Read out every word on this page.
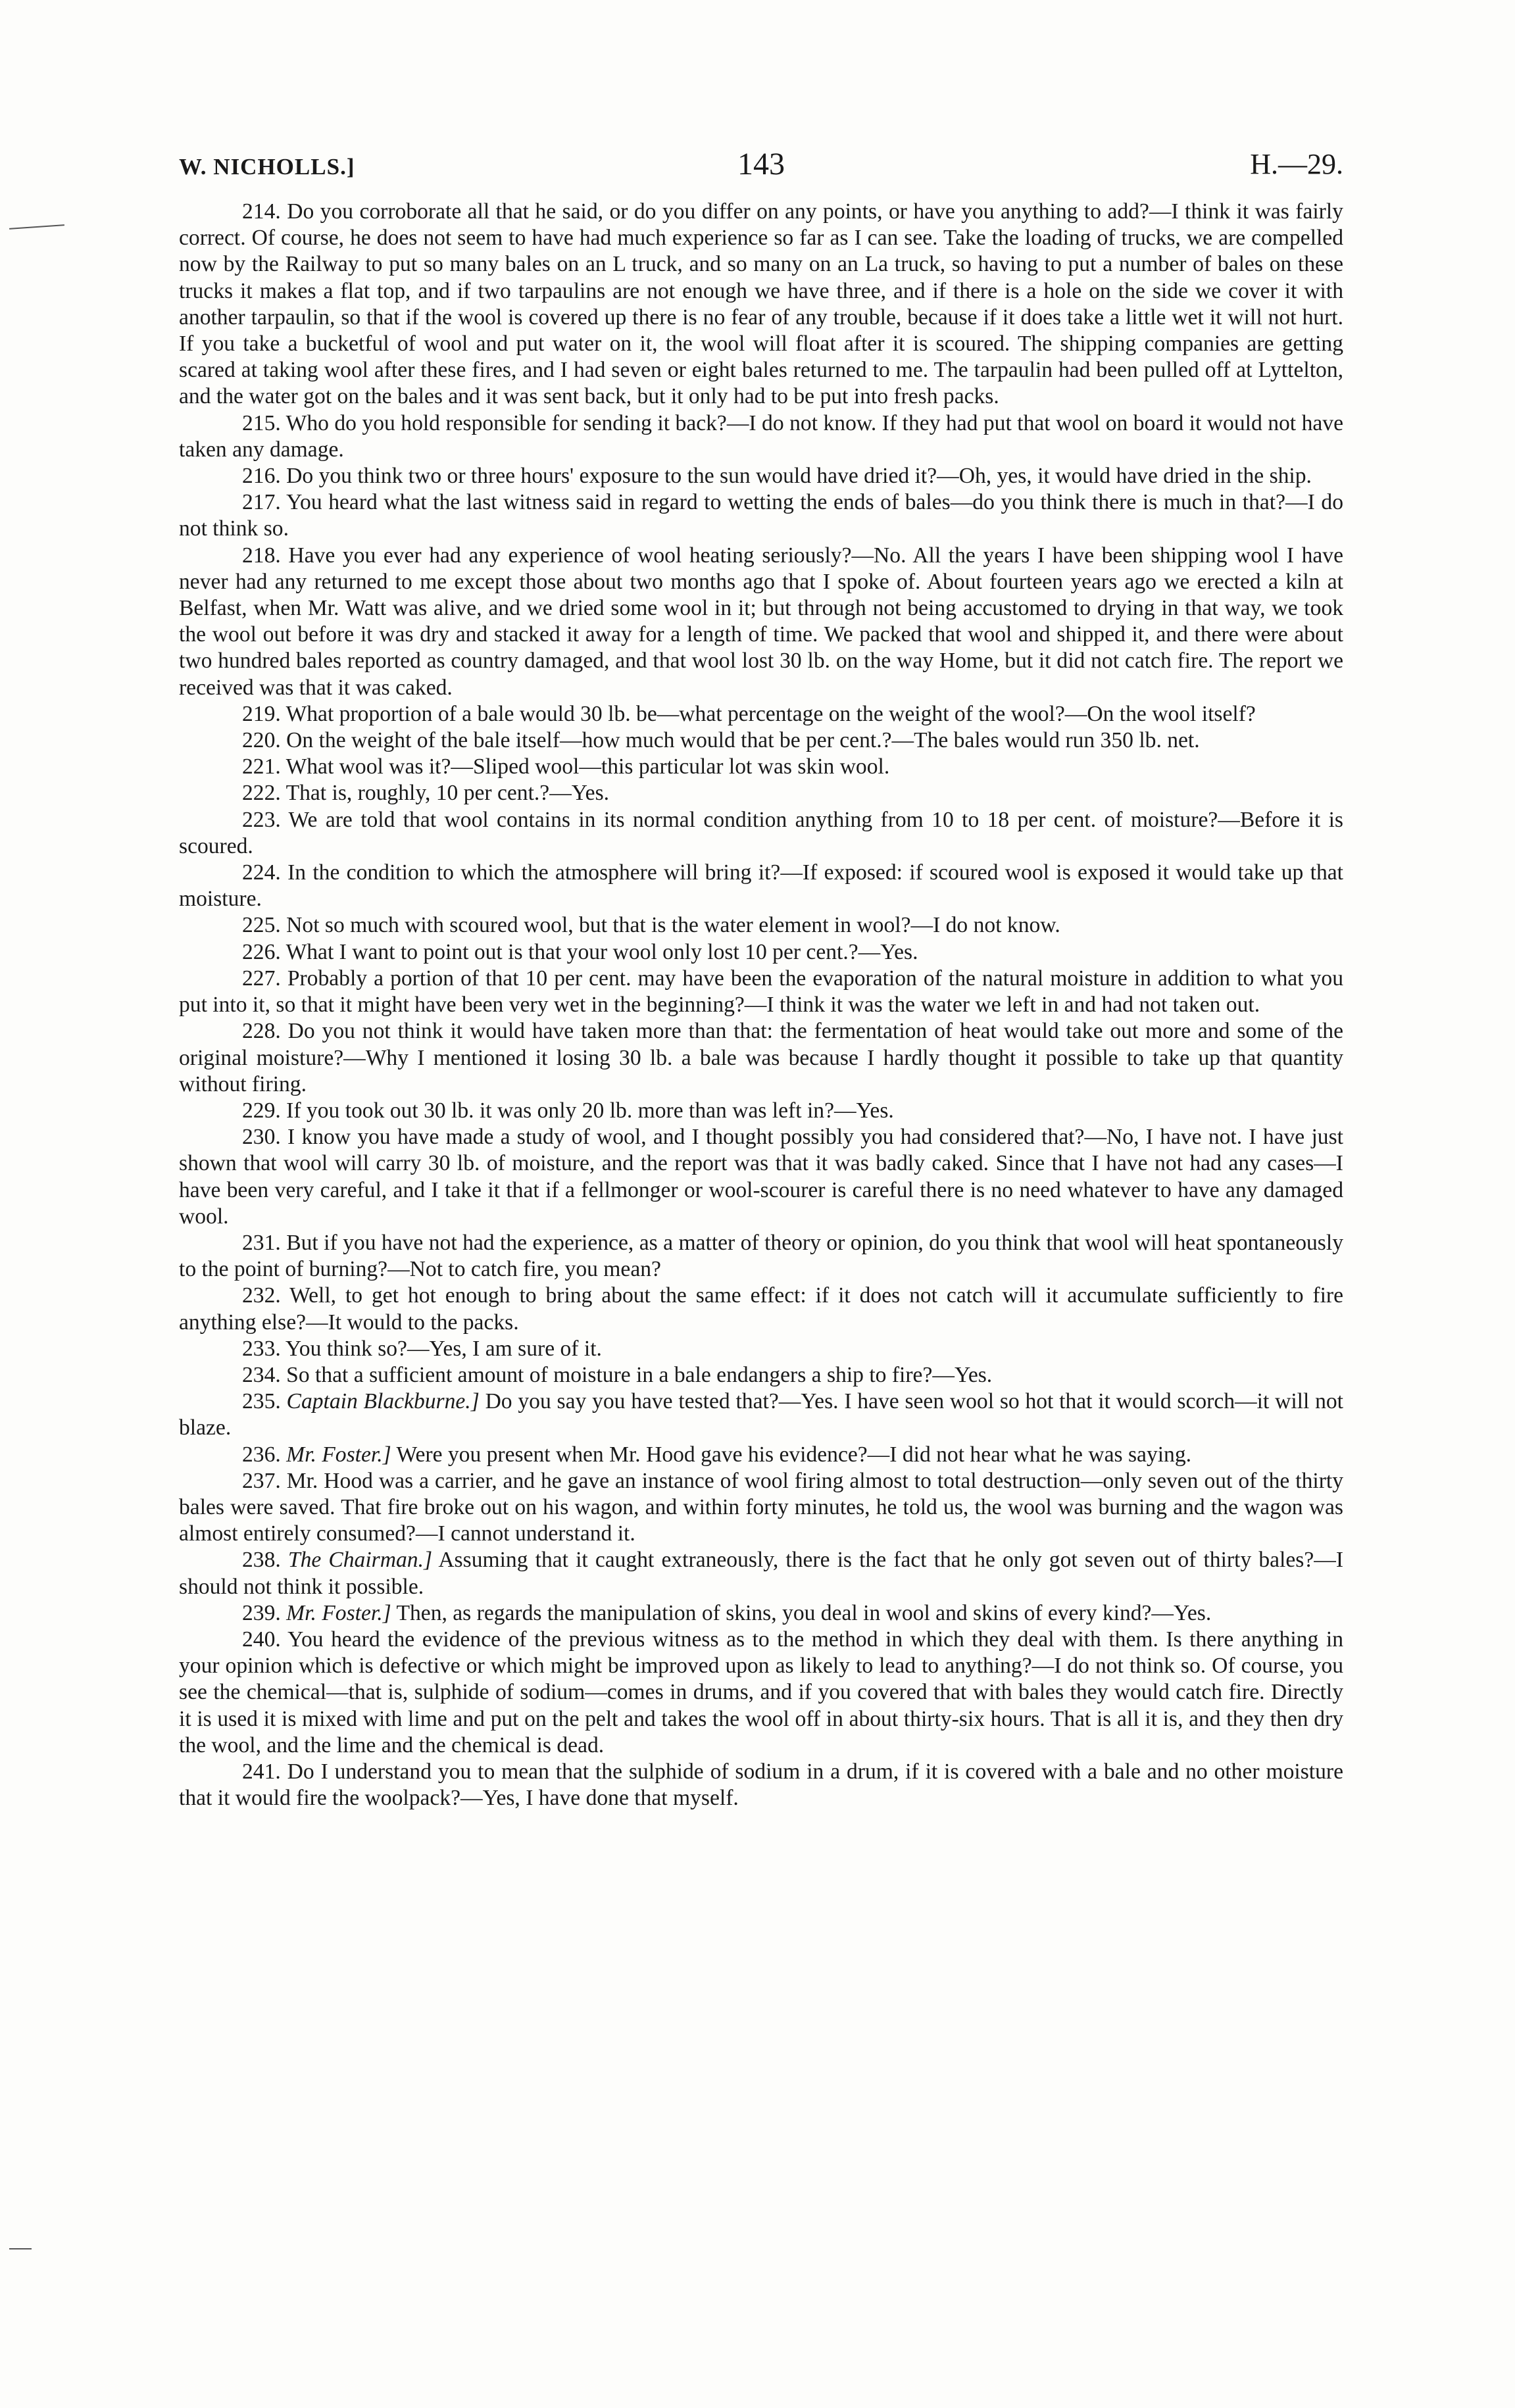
W. NICHOLLS.]	143	H.—29.

214. Do you corroborate all that he said, or do you differ on any points, or have you anything to add?—I think it was fairly correct. Of course, he does not seem to have had much experience so far as I can see. Take the loading of trucks, we are compelled now by the Railway to put so many bales on an L truck, and so many on an La truck, so having to put a number of bales on these trucks it makes a flat top, and if two tarpaulins are not enough we have three, and if there is a hole on the side we cover it with another tarpaulin, so that if the wool is covered up there is no fear of any trouble, because if it does take a little wet it will not hurt. If you take a bucketful of wool and put water on it, the wool will float after it is scoured. The shipping companies are getting scared at taking wool after these fires, and I had seven or eight bales returned to me. The tarpaulin had been pulled off at Lyttelton, and the water got on the bales and it was sent back, but it only had to be put into fresh packs.

215. Who do you hold responsible for sending it back?—I do not know. If they had put that wool on board it would not have taken any damage.

216. Do you think two or three hours' exposure to the sun would have dried it?—Oh, yes, it would have dried in the ship.

217. You heard what the last witness said in regard to wetting the ends of bales—do you think there is much in that?—I do not think so.

218. Have you ever had any experience of wool heating seriously?—No. All the years I have been shipping wool I have never had any returned to me except those about two months ago that I spoke of. About fourteen years ago we erected a kiln at Belfast, when Mr. Watt was alive, and we dried some wool in it; but through not being accustomed to drying in that way, we took the wool out before it was dry and stacked it away for a length of time. We packed that wool and shipped it, and there were about two hundred bales reported as country damaged, and that wool lost 30 lb. on the way Home, but it did not catch fire. The report we received was that it was caked.

219. What proportion of a bale would 30 lb. be—what percentage on the weight of the wool?—On the wool itself?

220. On the weight of the bale itself—how much would that be per cent.?—The bales would run 350 lb. net.

221. What wool was it?—Sliped wool—this particular lot was skin wool.

222. That is, roughly, 10 per cent.?—Yes.

223. We are told that wool contains in its normal condition anything from 10 to 18 per cent. of moisture?—Before it is scoured.

224. In the condition to which the atmosphere will bring it?—If exposed: if scoured wool is exposed it would take up that moisture.

225. Not so much with scoured wool, but that is the water element in wool?—I do not know.

226. What I want to point out is that your wool only lost 10 per cent.?—Yes.

227. Probably a portion of that 10 per cent. may have been the evaporation of the natural moisture in addition to what you put into it, so that it might have been very wet in the beginning?—I think it was the water we left in and had not taken out.

228. Do you not think it would have taken more than that: the fermentation of heat would take out more and some of the original moisture?—Why I mentioned it losing 30 lb. a bale was because I hardly thought it possible to take up that quantity without firing.

229. If you took out 30 lb. it was only 20 lb. more than was left in?—Yes.

230. I know you have made a study of wool, and I thought possibly you had considered that?—No, I have not. I have just shown that wool will carry 30 lb. of moisture, and the report was that it was badly caked. Since that I have not had any cases—I have been very careful, and I take it that if a fellmonger or wool-scourer is careful there is no need whatever to have any damaged wool.

231. But if you have not had the experience, as a matter of theory or opinion, do you think that wool will heat spontaneously to the point of burning?—Not to catch fire, you mean?

232. Well, to get hot enough to bring about the same effect: if it does not catch will it accumulate sufficiently to fire anything else?—It would to the packs.

233. You think so?—Yes, I am sure of it.

234. So that a sufficient amount of moisture in a bale endangers a ship to fire?—Yes.

235. Captain Blackburne.] Do you say you have tested that?—Yes. I have seen wool so hot that it would scorch—it will not blaze.

236. Mr. Foster.] Were you present when Mr. Hood gave his evidence?—I did not hear what he was saying.

237. Mr. Hood was a carrier, and he gave an instance of wool firing almost to total destruction—only seven out of the thirty bales were saved. That fire broke out on his wagon, and within forty minutes, he told us, the wool was burning and the wagon was almost entirely consumed?—I cannot understand it.

238. The Chairman.] Assuming that it caught extraneously, there is the fact that he only got seven out of thirty bales?—I should not think it possible.

239. Mr. Foster.] Then, as regards the manipulation of skins, you deal in wool and skins of every kind?—Yes.

240. You heard the evidence of the previous witness as to the method in which they deal with them. Is there anything in your opinion which is defective or which might be improved upon as likely to lead to anything?—I do not think so. Of course, you see the chemical—that is, sulphide of sodium—comes in drums, and if you covered that with bales they would catch fire. Directly it is used it is mixed with lime and put on the pelt and takes the wool off in about thirty-six hours. That is all it is, and they then dry the wool, and the lime and the chemical is dead.

241. Do I understand you to mean that the sulphide of sodium in a drum, if it is covered with a bale and no other moisture that it would fire the woolpack?—Yes, I have done that myself.
